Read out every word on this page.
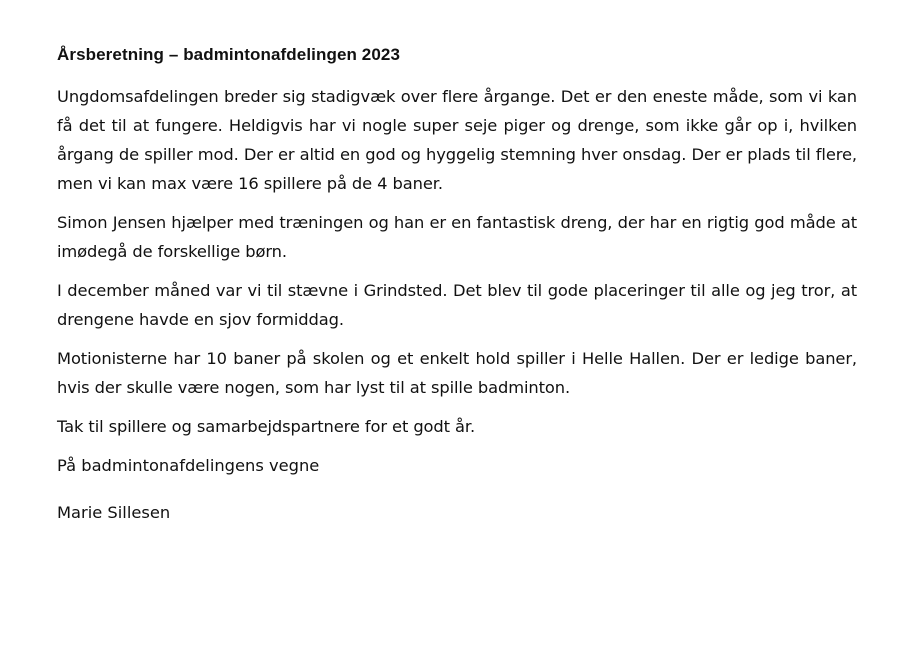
Årsberetning – badmintonafdelingen 2023

Ungdomsafdelingen breder sig stadigvæk over flere årgange. Det er den eneste måde, som vi kan få det til at fungere. Heldigvis har vi nogle super seje piger og drenge, som ikke går op i, hvilken årgang de spiller mod. Der er altid en god og hyggelig stemning hver onsdag. Der er plads til flere, men vi kan max være 16 spillere på de 4 baner.

Simon Jensen hjælper med træningen og han er en fantastisk dreng, der har en rigtig god måde at imødegå de forskellige børn.

I december måned var vi til stævne i Grindsted. Det blev til gode placeringer til alle og jeg tror, at drengene havde en sjov formiddag.

Motionisterne har 10 baner på skolen og et enkelt hold spiller i Helle Hallen. Der er ledige baner, hvis der skulle være nogen, som har lyst til at spille badminton.

Tak til spillere og samarbejdspartnere for et godt år.

På badmintonafdelingens vegne

Marie Sillesen
